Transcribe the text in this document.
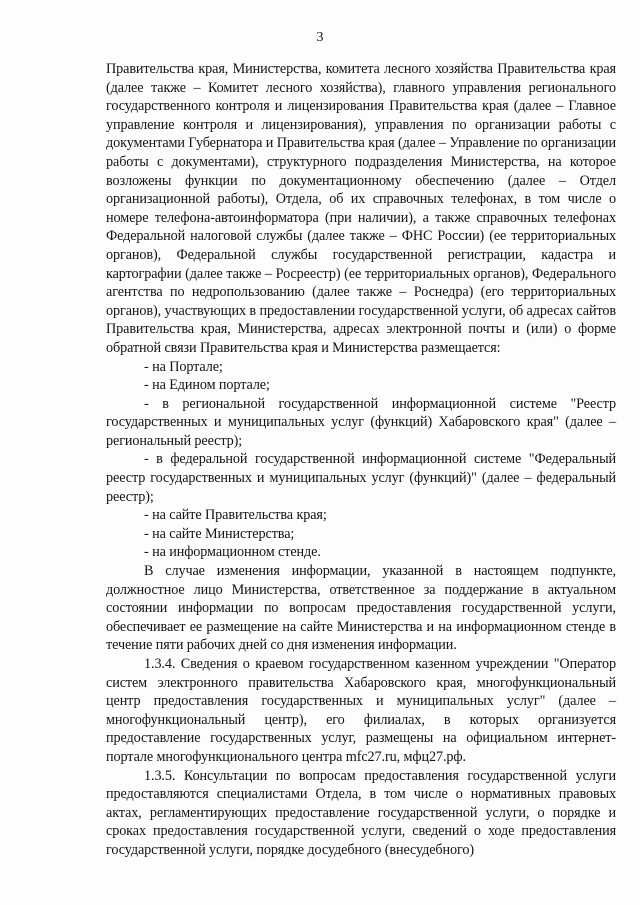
3

Правительства края, Министерства, комитета лесного хозяйства Правительства края (далее также – Комитет лесного хозяйства), главного управления регионального государственного контроля и лицензирования Правительства края (далее – Главное управление контроля и лицензирования), управления по организации работы с документами Губернатора и Правительства края (далее – Управление по организации работы с документами), структурного подразделения Министерства, на которое возложены функции по документационному обеспечению (далее – Отдел организационной работы), Отдела, об их справочных телефонах, в том числе о номере телефона-автоинформатора (при наличии), а также справочных телефонах Федеральной налоговой службы (далее также – ФНС России) (ее территориальных органов), Федеральной службы государственной регистрации, кадастра и картографии (далее также – Росреестр) (ее территориальных органов), Федерального агентства по недропользованию (далее также – Роснедра) (его территориальных органов), участвующих в предоставлении государственной услуги, об адресах сайтов Правительства края, Министерства, адресах электронной почты и (или) о форме обратной связи Правительства края и Министерства размещается:

- на Портале;

- на Едином портале;

- в региональной государственной информационной системе "Реестр государственных и муниципальных услуг (функций) Хабаровского края" (далее – региональный реестр);

- в федеральной государственной информационной системе "Федеральный реестр государственных и муниципальных услуг (функций)" (далее – федеральный реестр);

- на сайте Правительства края;

- на сайте Министерства;

- на информационном стенде.

В случае изменения информации, указанной в настоящем подпункте, должностное лицо Министерства, ответственное за поддержание в актуальном состоянии информации по вопросам предоставления государственной услуги, обеспечивает ее размещение на сайте Министерства и на информационном стенде в течение пяти рабочих дней со дня изменения информации.

1.3.4. Сведения о краевом государственном казенном учреждении "Оператор систем электронного правительства Хабаровского края, многофункциональный центр предоставления государственных и муниципальных услуг" (далее – многофункциональный центр), его филиалах, в которых организуется предоставление государственных услуг, размещены на официальном интернет-портале многофункционального центра mfc27.ru, мфц27.рф.

1.3.5. Консультации по вопросам предоставления государственной услуги предоставляются специалистами Отдела, в том числе о нормативных правовых актах, регламентирующих предоставление государственной услуги, о порядке и сроках предоставления государственной услуги, сведений о ходе предоставления государственной услуги, порядке досудебного (внесудебного)
